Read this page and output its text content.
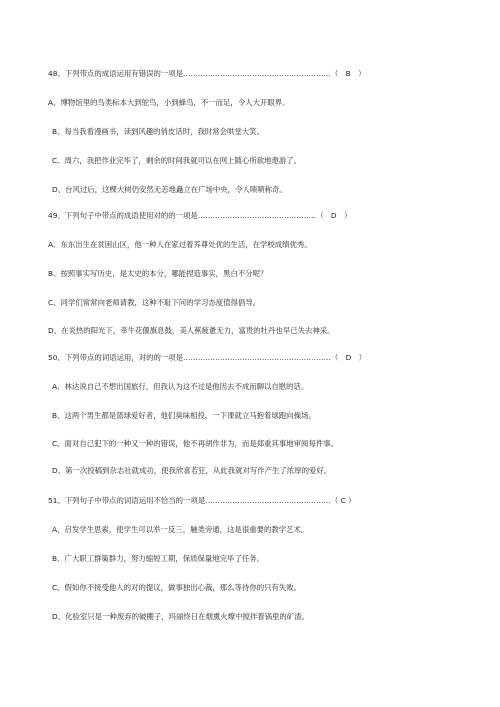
48、下列带点的成语运用有错误的一项是……………………………………………………（　B　）
A、博物馆里的鸟类标本大到鸵鸟，小到蜂鸟，不一而足，令人大开眼界。
B、每当我看漫画书，读到风趣的俏皮话时，我时常会哄堂大笑。
C、周六，我把作业完毕了，剩余的时间我就可以在网上随心所欲地遨游了。
D、台风过后，这棵大树仍安然无恙地矗立在广场中央，令人啧啧称奇。
49、下列句子中带点的成语使用对的的一项是…………………………………………（　D　）
A、东东出生在贫困山区，他一种人在家过着养尊处优的生活，在学校成绩优秀。
B、按照事实写历史，是太史的本分，哪能捏造事实，黑白不分呢？
C、同学们常常向老师请教，这种不耻下问的学习态度值得倡导。
D、在炎热的阳光下，牵牛花偃旗息鼓，美人蕉疲惫无力，富贵的牡丹也早已失去神采。
50、下列带点的词语运用，对的的一项是……………………………………………………（　D　）
A、林达说自己不想出国旅行，但我认为这不过是他因去不成而聊以自慰的话。
B、这两个男生都是篮球爱好者，他们臭味相投，一下课就立马抱着球跑向操场。
C、面对自己犯下的一种又一种的错误，他不再胡作非为，而是郑重其事地审阅每件事。
D、第一次投稿到杂志社就成功，使我欣喜若狂，从此我就对写作产生了浓厚的爱好。
51、下列句子中带点的词语运用不恰当的一项是……………………………………………（ C ）
A、启发学生思索，使学生可以举一反三，触类旁通，这是很重要的教学艺术。
B、广大职工群策群力，努力缩短工期，保质保量地完毕了任务。
C、假如你不接受他人的对的提议，做事独出心裁，那么等待你的只有失败。
D、化验室只是一种废弃的破棚子，玛丽终日在烟熏火燎中搅拌着锅里的矿渣。
